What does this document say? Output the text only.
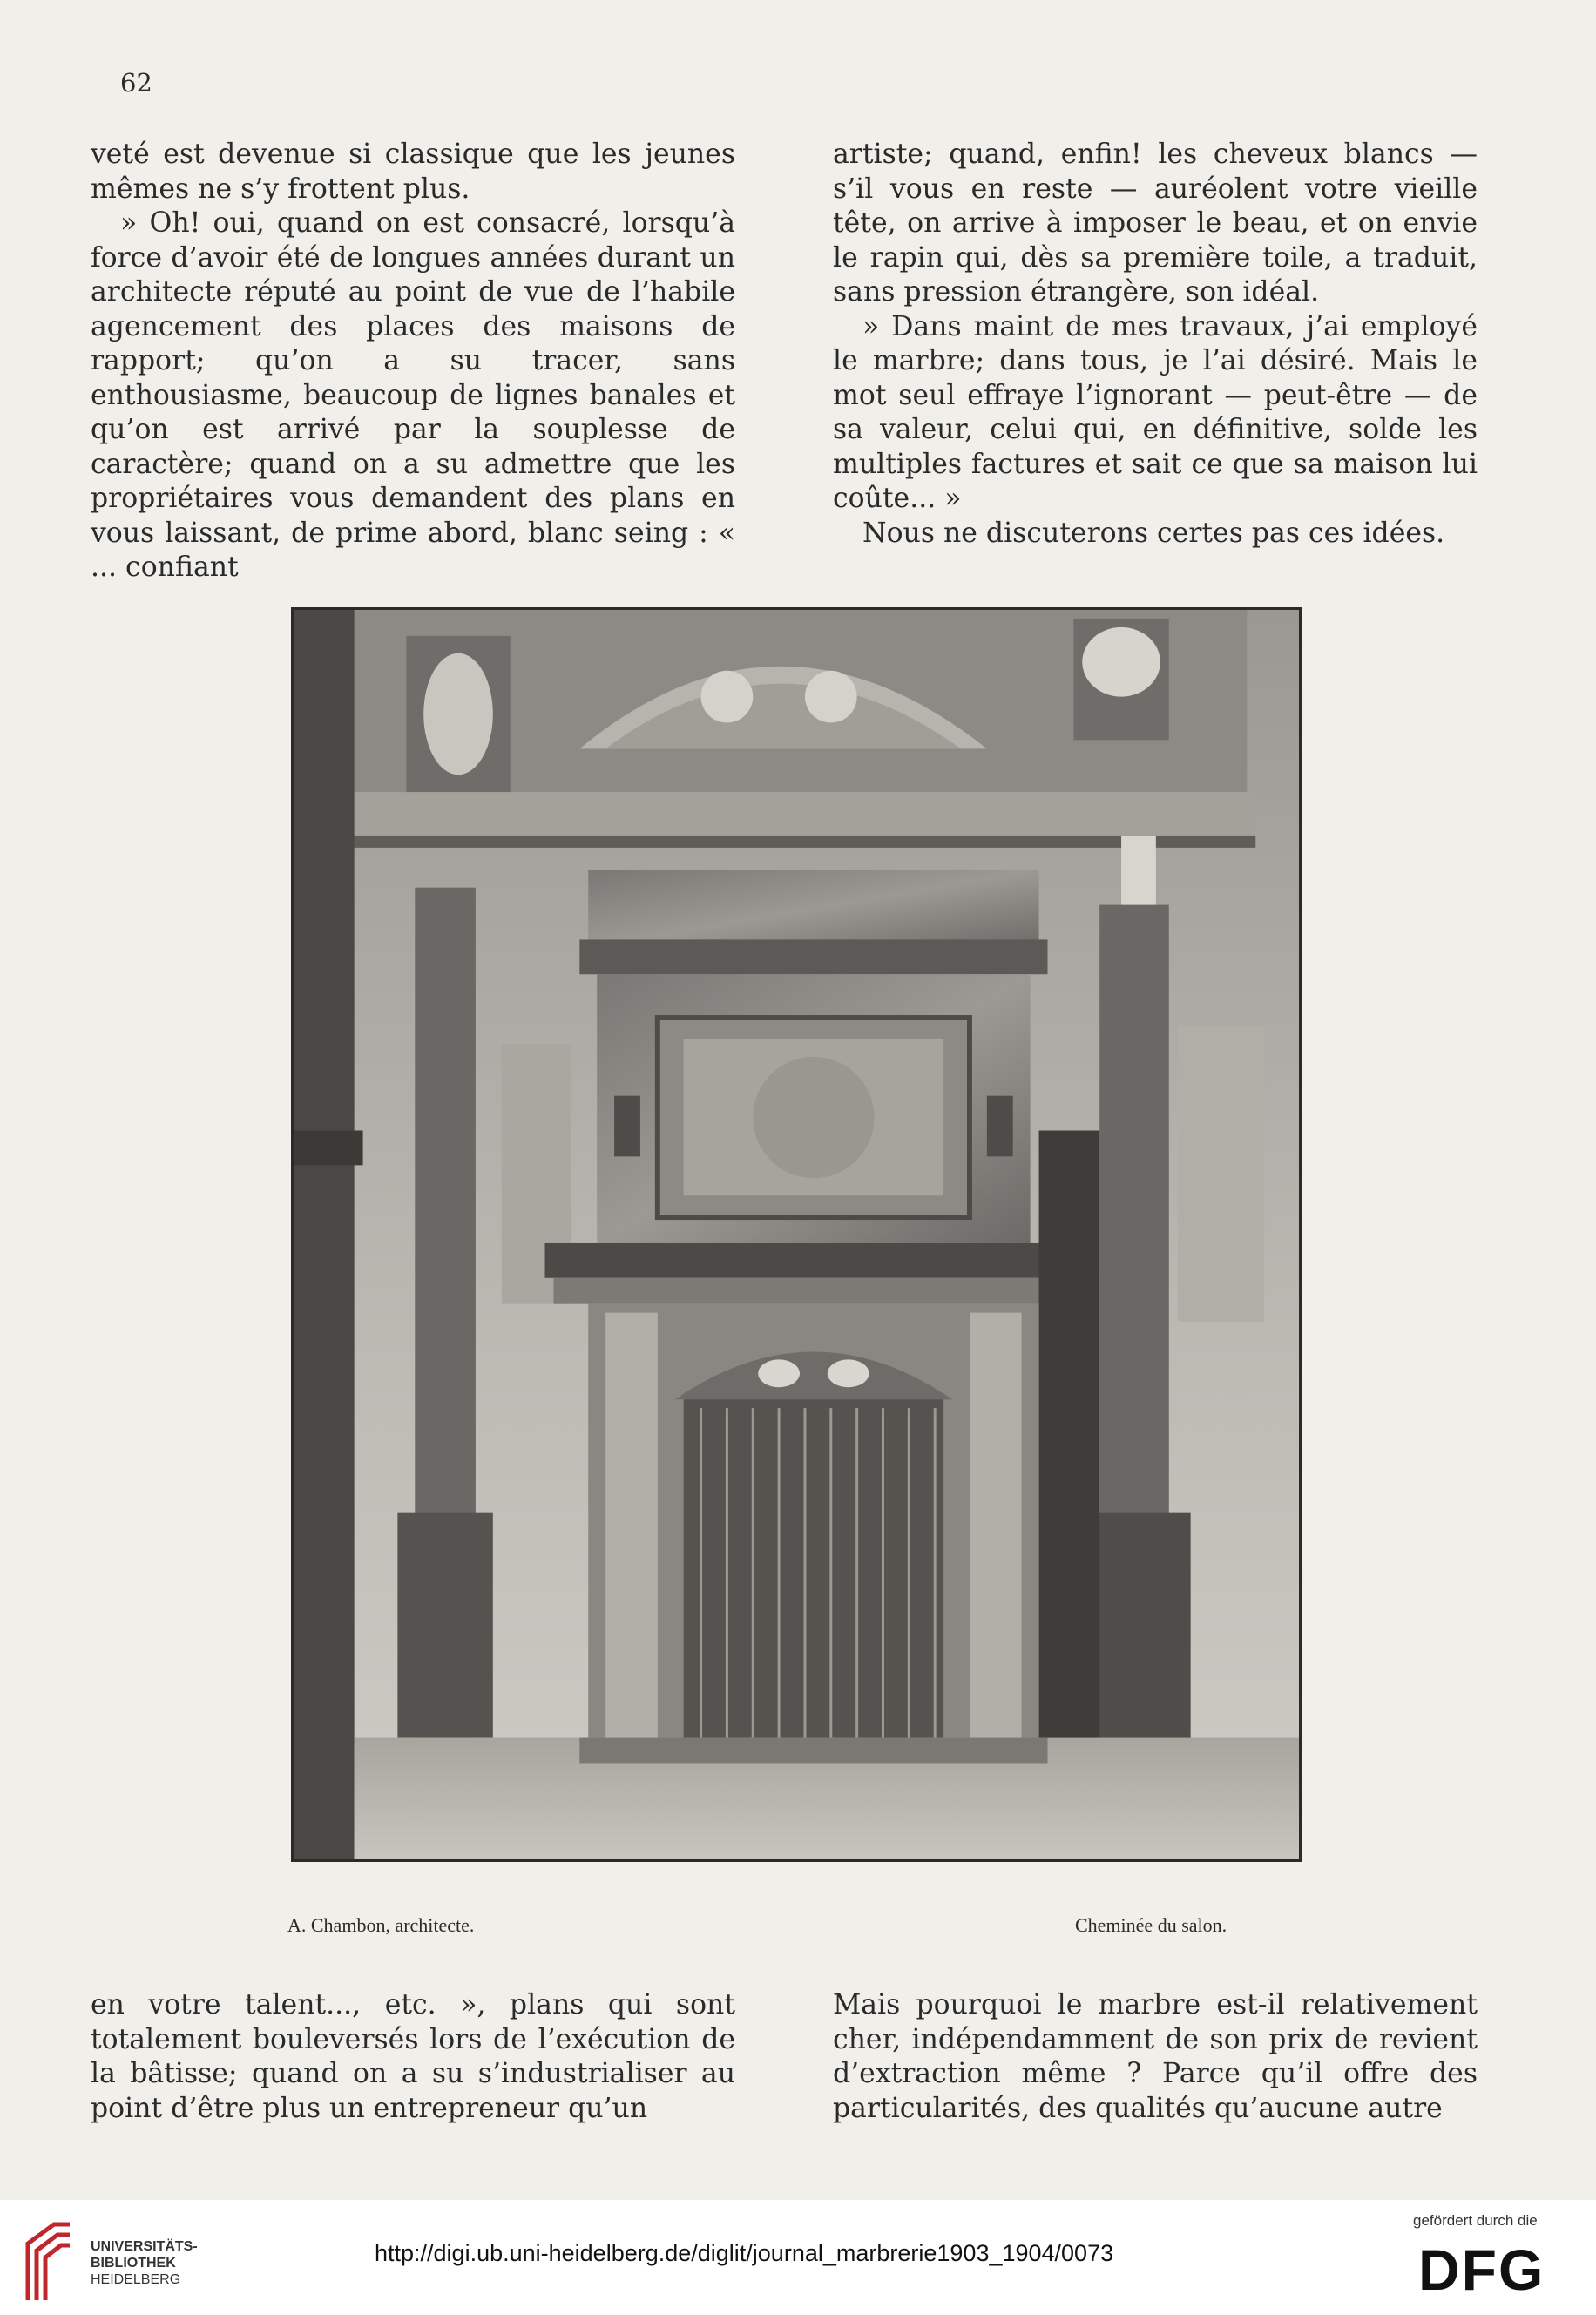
62

veté est devenue si classique que les jeunes mêmes ne s’y frottent plus.

» Oh! oui, quand on est consacré, lorsqu’à force d’avoir été de longues années durant un architecte réputé au point de vue de l’habile agencement des places des maisons de rapport; qu’on a su tracer, sans enthousiasme, beaucoup de lignes banales et qu’on est arrivé par la souplesse de caractère; quand on a su admettre que les propriétaires vous demandent des plans en vous laissant, de prime abord, blanc seing : « ... confiant

artiste; quand, enfin! les cheveux blancs — s’il vous en reste — auréolent votre vieille tête, on arrive à imposer le beau, et on envie le rapin qui, dès sa première toile, a traduit, sans pression étrangère, son idéal.

» Dans maint de mes travaux, j’ai employé le marbre; dans tous, je l’ai désiré. Mais le mot seul effraye l’ignorant — peut-être — de sa valeur, celui qui, en définitive, solde les multiples factures et sait ce que sa maison lui coûte... »

Nous ne discuterons certes pas ces idées.

A. Chambon, architecte.	Cheminée du salon.

en votre talent..., etc. », plans qui sont totalement bouleversés lors de l’exécution de la bâtisse; quand on a su s’industrialiser au point d’être plus un entrepreneur qu’un

Mais pourquoi le marbre est-il relativement cher, indépendamment de son prix de revient d’extraction même ? Parce qu’il offre des particularités, des qualités qu’aucune autre

UNIVERSITÄTS-
BIBLIOTHEK
HEIDELBERG
http://digi.ub.uni-heidelberg.de/diglit/journal_marbrerie1903_1904/0073
gefördert durch die
DFG
